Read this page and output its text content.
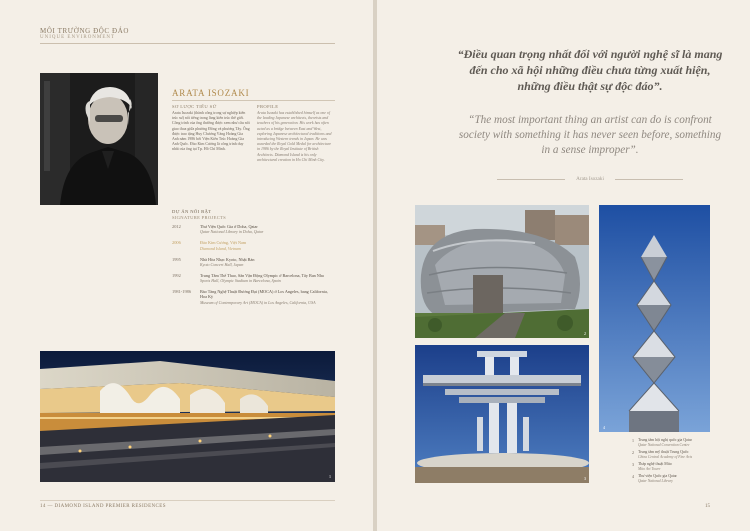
MÔI TRƯỜNG ĐỘC ĐÁO
UNIQUE ENVIRONMENT
ARATA ISOZAKI
SƠ LƯỢC TIỂU SỬ
Arata Isozaki (thành công trong sự nghiệp kiến trúc sư) nổi tiếng trong làng kiến trúc thế giới. Công trình của ông thường được xem như cầu nối giao thoa giữa phương Đông và phương Tây. Ông được trao tặng Huy Chương Vàng Hoàng Gia Anh năm 1986 bởi Viện Kiến Trúc Hoàng Gia Anh Quốc. Đảo Kim Cương là công trình duy nhất của ông tại Tp. Hồ Chí Minh.
PROFILE
Arata Isozaki has established himself as one of the leading Japanese architects, theorists and teachers of his generation. His work has often acted as a bridge between East and West, exploring Japanese architectural traditions and introducing Western trends in Japan. He was awarded the Royal Gold Medal for architecture in 1986 by the Royal Institute of British Architects. Diamond Island is his only architectural creation in Ho Chi Minh City.
DỰ ÁN NỔI BẬT
SIGNATURE PROJECTS
2012	Thư Viện Quốc Gia ở Doha, Qatar
Qatar National Library in Doha, Qatar
2006	Đảo Kim Cương, Việt Nam
Diamond Island, Vietnam
1995	Nhà Hòa Nhạc Kyoto, Nhật Bản
Kyoto Concert Hall, Japan
1992	Trung Tâm Thể Thao, Sân Vận Động Olympic ở Barcelona, Tây Ban Nha
Sports Hall, Olympic Stadium in Barcelona, Spain
1981-1986	Bảo Tàng Nghệ Thuật Đương Đại (MOCA) ở Los Angeles, bang California, Hoa Kỳ
Museum of Contemporary Art (MOCA) in Los Angeles, California, USA
1
14 — DIAMOND ISLAND PREMIER RESIDENCES
“Điều quan trọng nhất đối với người nghệ sĩ là mang đến cho xã hội những điều chưa từng xuất hiện, những điều thật sự độc đáo”.
“The most important thing an artist can do is confront society with something it has never seen before, something in a sense improper”.
Arata Isozaki
2
3
4
1	Trung tâm hội nghị quốc gia Qatar
Qatar National Convention Centre
2	Trung tâm mỹ thuật Trung Quốc
China Central Academy of Fine Arts
3	Tháp nghệ thuật Mito
Mito Art Tower
4	Thư viện Quốc gia Qatar
Qatar National Library
15
